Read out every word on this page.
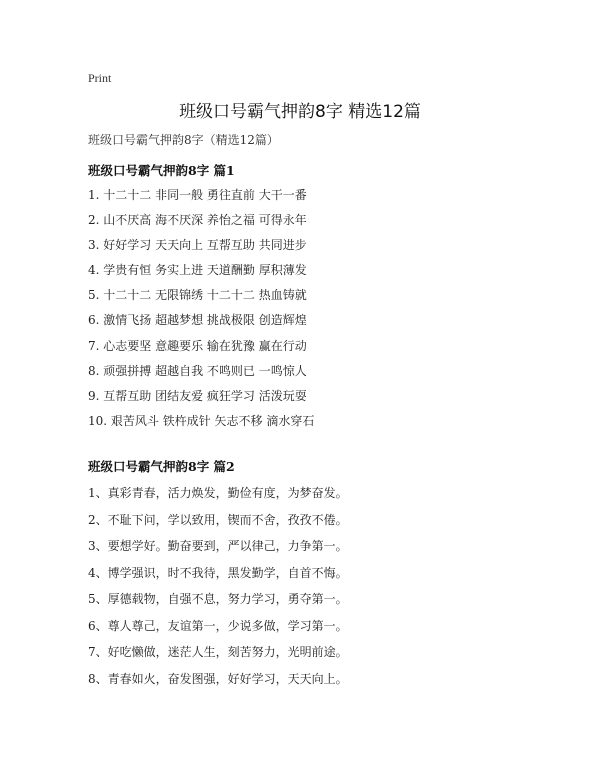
Print
班级口号霸气押韵8字 精选12篇
班级口号霸气押韵8字（精选12篇）
班级口号霸气押韵8字 篇1
1. 十二十二 非同一般 勇往直前 大干一番
2. 山不厌高 海不厌深 养怡之福 可得永年
3. 好好学习 天天向上 互帮互助 共同进步
4. 学贵有恒 务实上进 天道酬勤 厚积薄发
5. 十二十二 无限锦绣 十二十二 热血铸就
6. 激情飞扬 超越梦想 挑战极限 创造辉煌
7. 心志要坚 意趣要乐 输在犹豫 赢在行动
8. 顽强拼搏 超越自我 不鸣则已 一鸣惊人
9. 互帮互助 团结友爱 疯狂学习 活泼玩耍
10. 艰苦风斗 铁杵成针 矢志不移 滴水穿石
班级口号霸气押韵8字 篇2
1、真彩青春，活力焕发，勤俭有度，为梦奋发。
2、不耻下问，学以致用，锲而不舍，孜孜不倦。
3、要想学好。勤奋要到，严以律己，力争第一。
4、博学强识，时不我待，黑发勤学，自首不悔。
5、厚德载物，自强不息，努力学习，勇夺第一。
6、尊人尊己，友谊第一，少说多做，学习第一。
7、好吃懒做，迷茫人生，刻苦努力，光明前途。
8、青春如火，奋发图强，好好学习，天天向上。
